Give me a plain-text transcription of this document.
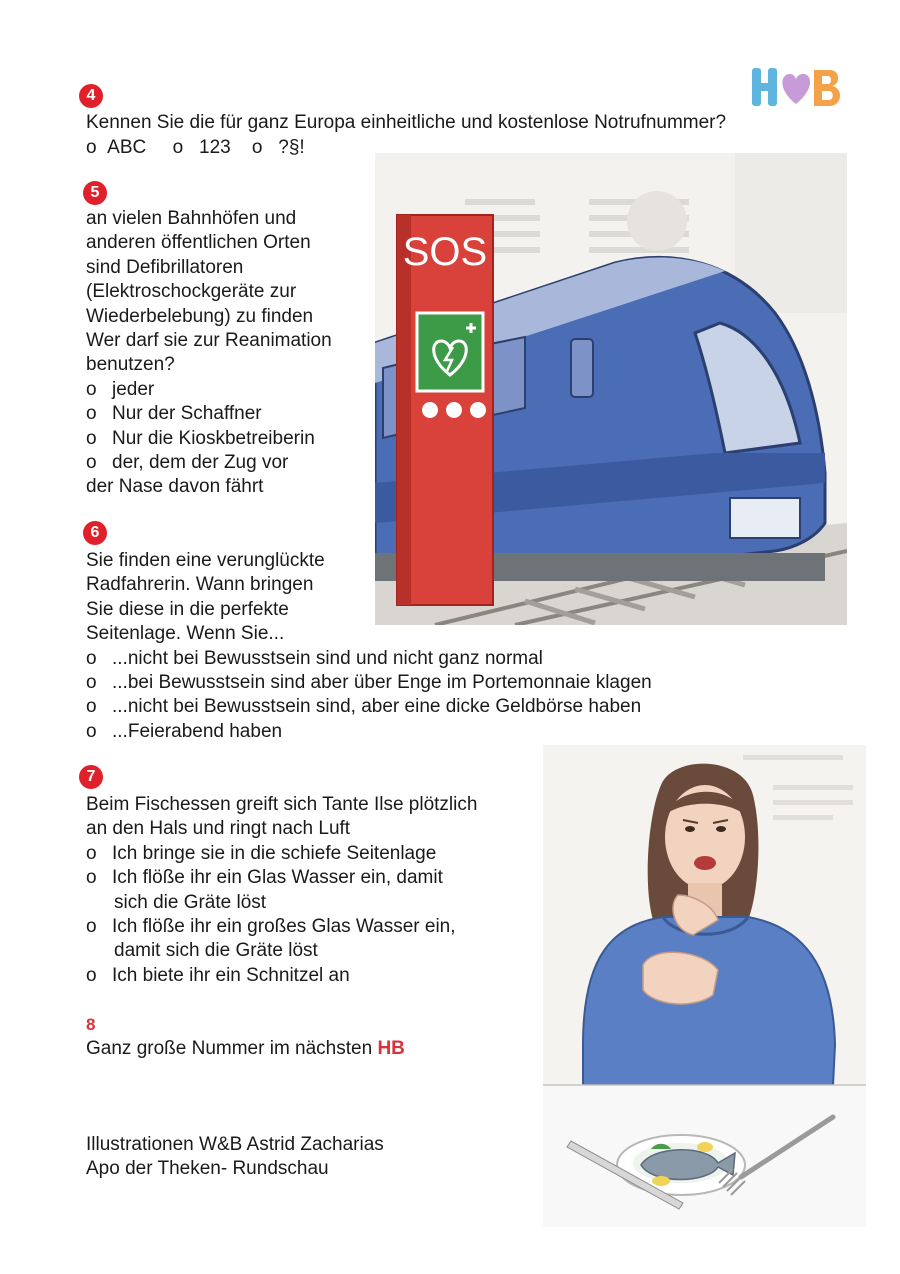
4
Kennen Sie die für ganz Europa einheitliche und kostenlose Notrufnummer?
o ABC o 123 o ?§!
SOS
5
an vielen Bahnhöfen und
anderen öffentlichen Orten
sind Defibrillatoren
(Elektroschockgeräte zur
Wiederbelebung) zu finden
Wer darf sie zur Reanimation
benutzen?
o jeder
o Nur der Schaffner
o Nur die Kioskbetreiberin
o der, dem der Zug vor
der Nase davon fährt
6
Sie finden eine verunglückte
Radfahrerin. Wann bringen
Sie diese in die perfekte
Seitenlage. Wenn Sie...
o ...nicht bei Bewusstsein sind und nicht ganz normal
o ...bei Bewusstsein sind aber über Enge im Portemonnaie klagen
o ...nicht bei Bewusstsein sind, aber eine dicke Geldbörse haben
o ...Feierabend haben
7
Beim Fischessen greift sich Tante Ilse plötzlich
an den Hals und ringt nach Luft
o Ich bringe sie in die schiefe Seitenlage
o Ich flöße ihr ein Glas Wasser ein, damit
sich die Gräte löst
o Ich flöße ihr ein großes Glas Wasser ein,
damit sich die Gräte löst
o Ich biete ihr ein Schnitzel an
8
Ganz große Nummer im nächsten HB
Illustrationen W&B Astrid Zacharias
Apo der Theken- Rundschau
